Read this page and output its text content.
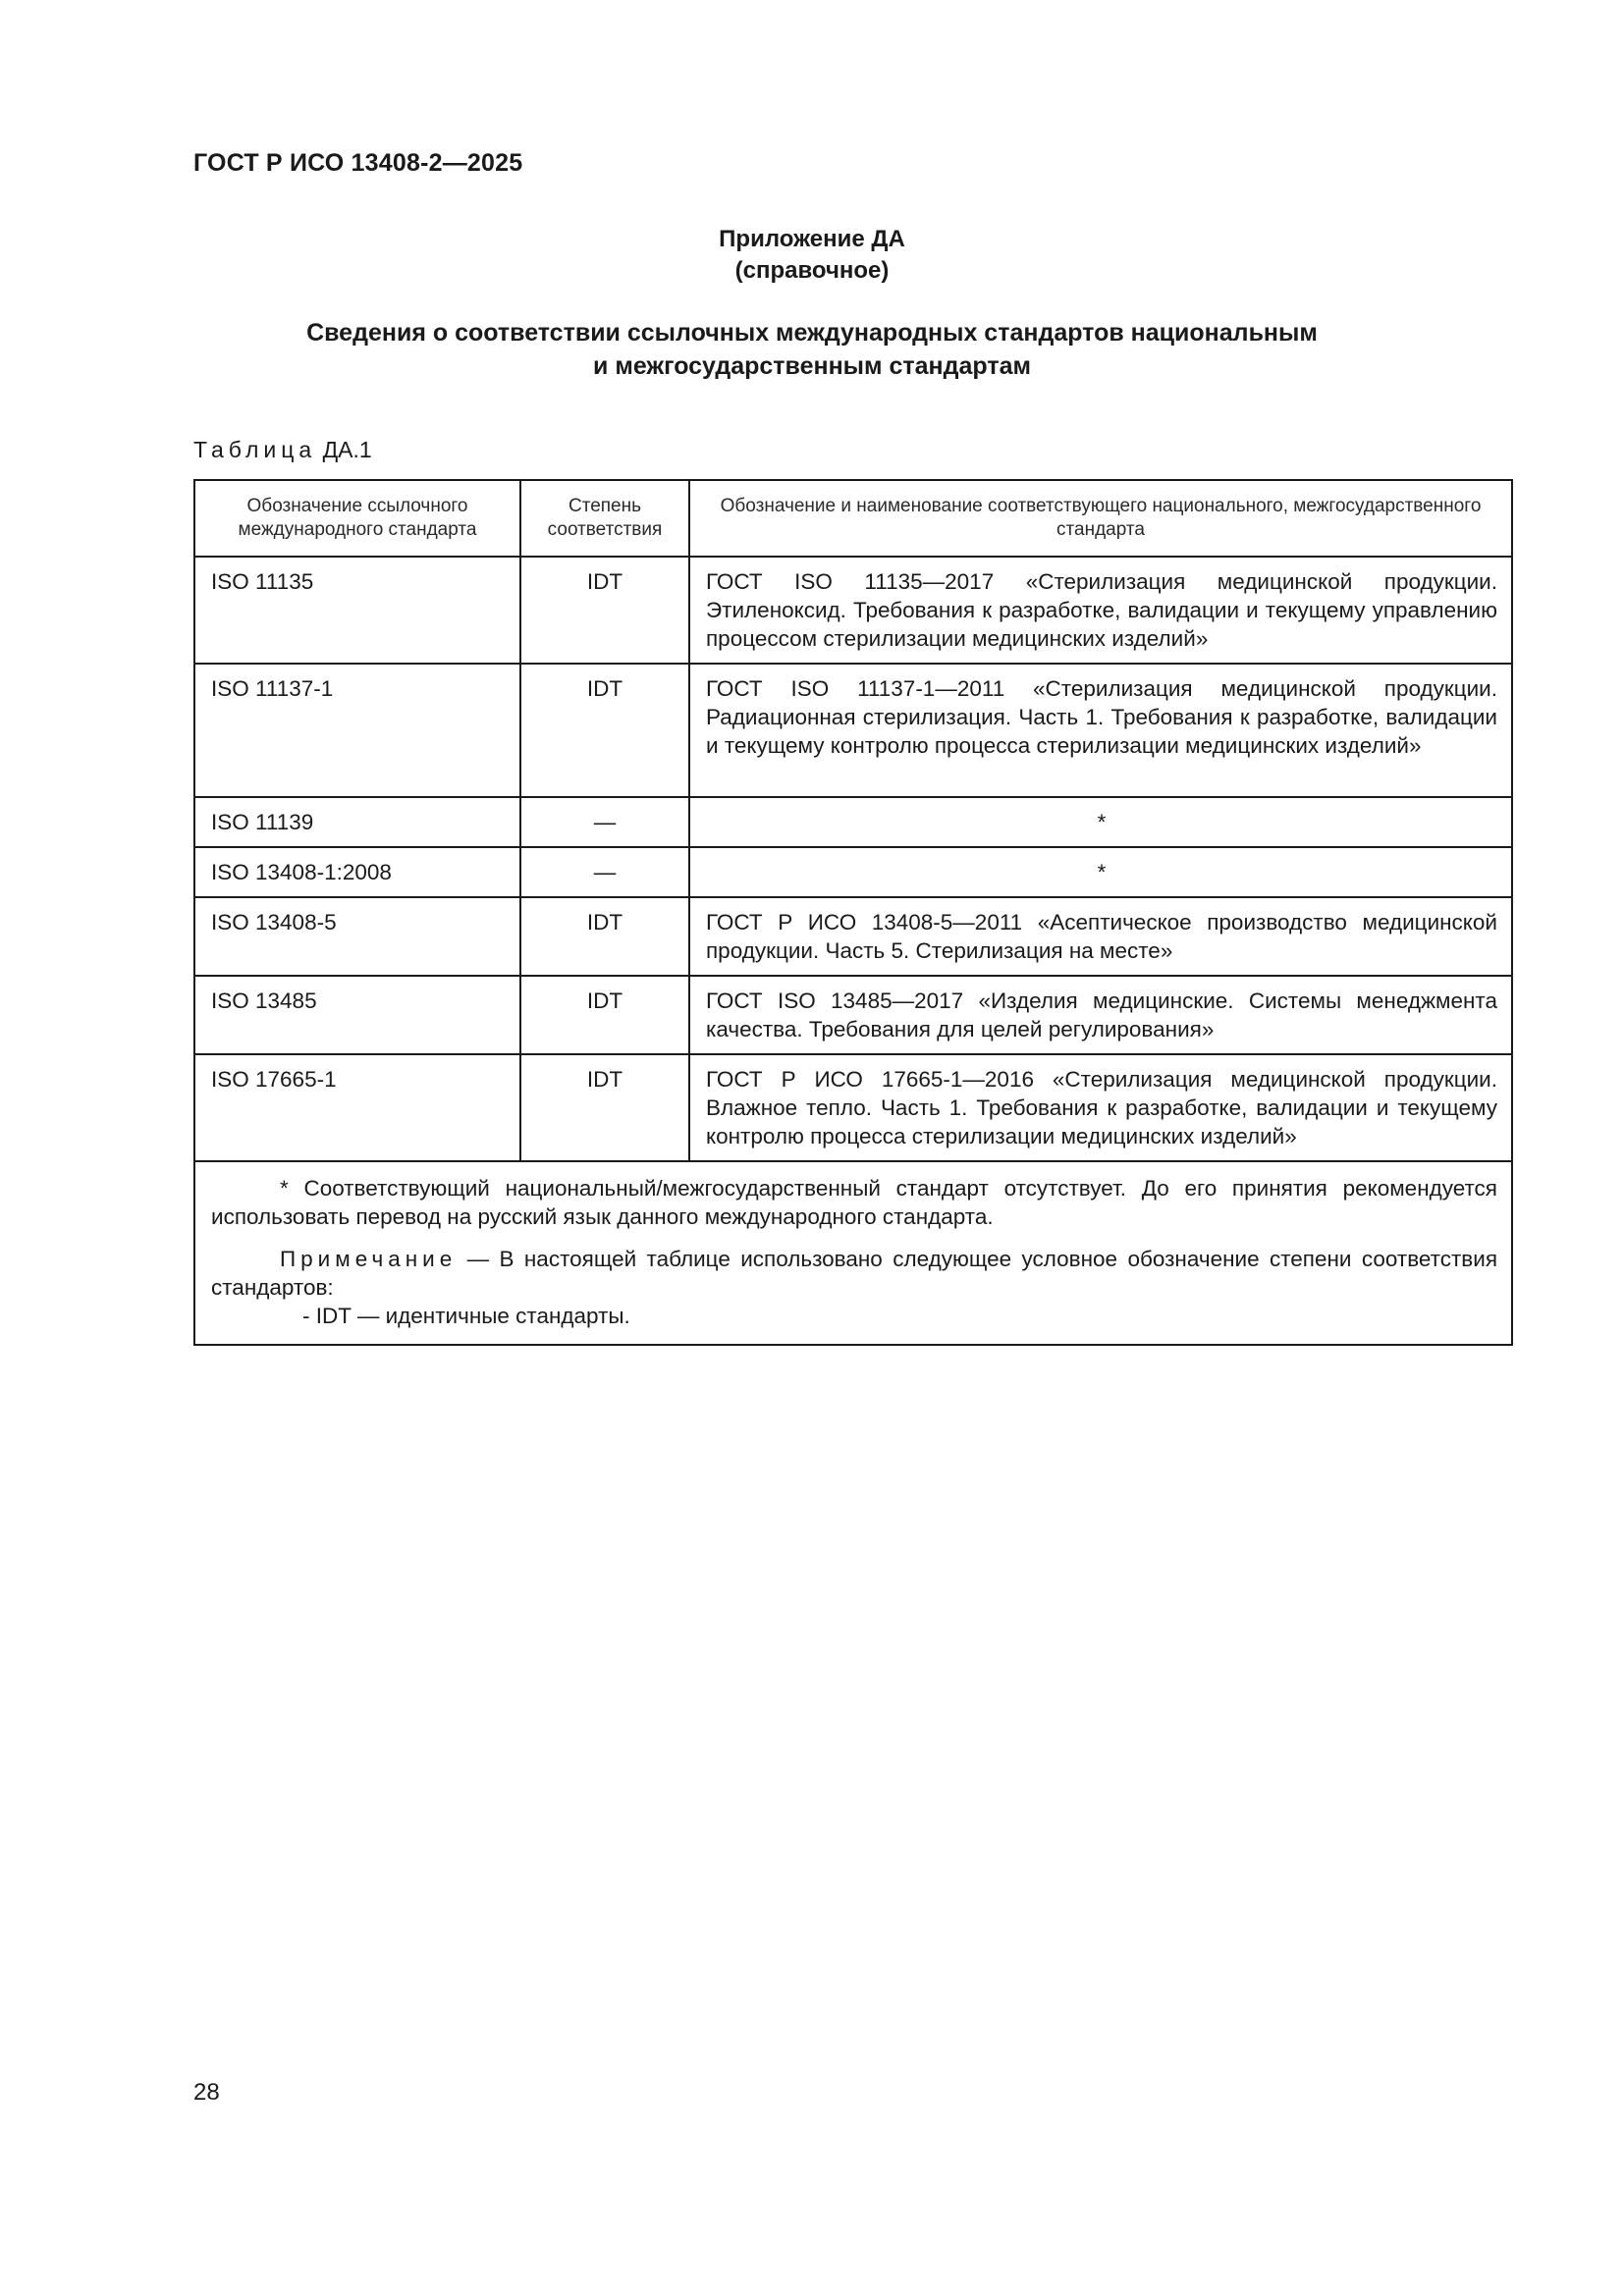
ГОСТ Р ИСО 13408-2—2025
Приложение ДА
(справочное)
Сведения о соответствии ссылочных международных стандартов национальным
и межгосударственным стандартам
Таблица ДА.1
Обозначение ссылочного международного стандарта	Степень соответствия	Обозначение и наименование соответствующего национального, межгосударственного стандарта
ISO 11135	IDT	ГОСТ ISO 11135—2017 «Стерилизация медицинской продукции. Этиленоксид. Требования к разработке, валидации и текущему управлению процессом стерилизации медицинских изделий»
ISO 11137-1	IDT	ГОСТ ISO 11137-1—2011 «Стерилизация медицинской продукции. Радиационная стерилизация. Часть 1. Требования к разработке, валидации и текущему контролю процесса стерилизации медицинских изделий»
ISO 11139	—	*
ISO 13408-1:2008	—	*
ISO 13408-5	IDT	ГОСТ Р ИСО 13408-5—2011 «Асептическое производство медицинской продукции. Часть 5. Стерилизация на месте»
ISO 13485	IDT	ГОСТ ISO 13485—2017 «Изделия медицинские. Системы менеджмента качества. Требования для целей регулирования»
ISO 17665-1	IDT	ГОСТ Р ИСО 17665-1—2016 «Стерилизация медицинской продукции. Влажное тепло. Часть 1. Требования к разработке, валидации и текущему контролю процесса стерилизации медицинских изделий»

* Соответствующий национальный/межгосударственный стандарт отсутствует. До его принятия рекомендуется использовать перевод на русский язык данного международного стандарта.

Примечание — В настоящей таблице использовано следующее условное обозначение степени соответствия стандартов:

- IDT — идентичные стандарты.		

28
